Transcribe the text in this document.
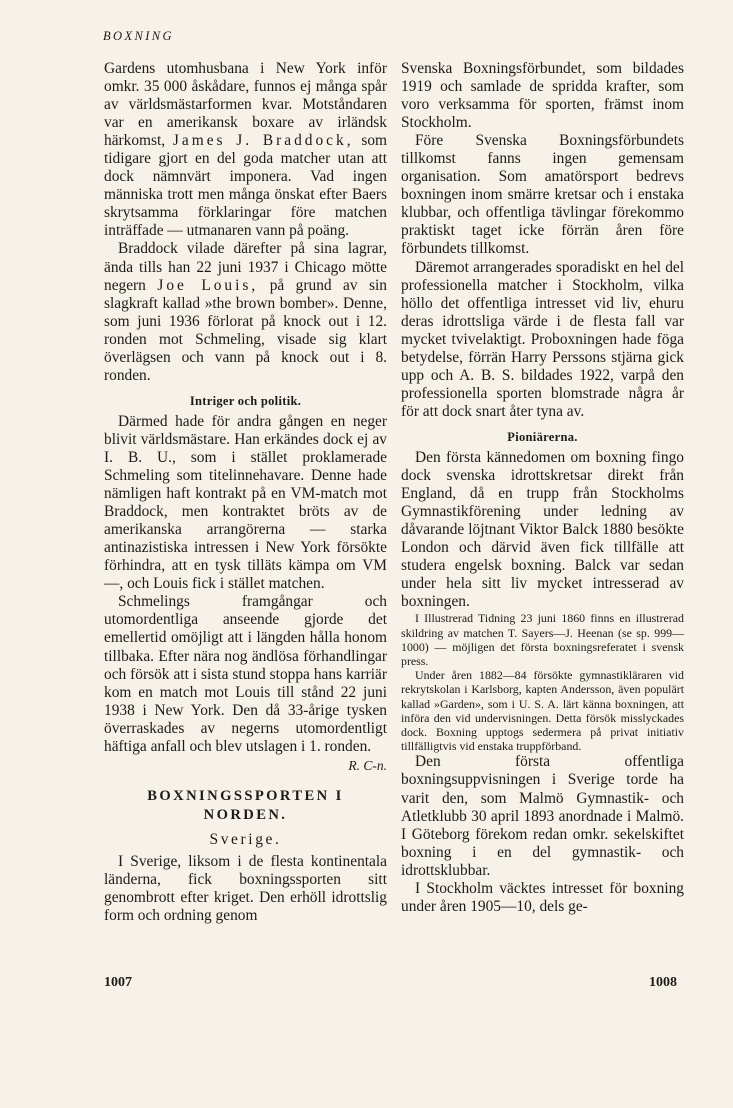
BOXNING

Gardens utomhusbana i New York inför omkr. 35 000 åskådare, funnos ej många spår av världsmästarformen kvar. Motståndaren var en amerikansk boxare av irländsk härkomst, James J. Braddock, som tidigare gjort en del goda matcher utan att dock nämnvärt imponera. Vad ingen människa trott men många önskat efter Baers skrytsamma förklaringar före matchen inträffade — utmanaren vann på poäng.

Braddock vilade därefter på sina lagrar, ända tills han 22 juni 1937 i Chicago mötte negern Joe Louis, på grund av sin slagkraft kallad »the brown bomber». Denne, som juni 1936 förlorat på knock out i 12. ronden mot Schmeling, visade sig klart överlägsen och vann på knock out i 8. ronden.

Intriger och politik.

Därmed hade för andra gången en neger blivit världsmästare. Han erkändes dock ej av I. B. U., som i stället proklamerade Schmeling som titelinnehavare. Denne hade nämligen haft kontrakt på en VM-match mot Braddock, men kontraktet bröts av de amerikanska arrangörerna — starka antinazistiska intressen i New York försökte förhindra, att en tysk tilläts kämpa om VM —, och Louis fick i stället matchen.

Schmelings framgångar och utomordentliga anseende gjorde det emellertid omöjligt att i längden hålla honom tillbaka. Efter nära nog ändlösa förhandlingar och försök att i sista stund stoppa hans karriär kom en match mot Louis till stånd 22 juni 1938 i New York. Den då 33-årige tysken överraskades av negerns utomordentligt häftiga anfall och blev utslagen i 1. ronden.

R. C-n.
BOXNINGSSPORTEN I NORDEN.
Sverige.

I Sverige, liksom i de flesta kontinentala länderna, fick boxningssporten sitt genombrott efter kriget. Den erhöll idrottslig form och ordning genom

Svenska Boxningsförbundet, som bildades 1919 och samlade de spridda krafter, som voro verksamma för sporten, främst inom Stockholm.

Före Svenska Boxningsförbundets tillkomst fanns ingen gemensam organisation. Som amatörsport bedrevs boxningen inom smärre kretsar och i enstaka klubbar, och offentliga tävlingar förekommo praktiskt taget icke förrän åren före förbundets tillkomst.

Däremot arrangerades sporadiskt en hel del professionella matcher i Stockholm, vilka höllo det offentliga intresset vid liv, ehuru deras idrottsliga värde i de flesta fall var mycket tvivelaktigt. Proboxningen hade föga betydelse, förrän Harry Perssons stjärna gick upp och A. B. S. bildades 1922, varpå den professionella sporten blomstrade några år för att dock snart åter tyna av.

Pioniärerna.

Den första kännedomen om boxning fingo dock svenska idrottskretsar direkt från England, då en trupp från Stockholms Gymnastikförening under ledning av dåvarande löjtnant Viktor Balck 1880 besökte London och därvid även fick tillfälle att studera engelsk boxning. Balck var sedan under hela sitt liv mycket intresserad av boxningen.

I Illustrerad Tidning 23 juni 1860 finns en illustrerad skildring av matchen T. Sayers—J. Heenan (se sp. 999—1000) — möjligen det första boxningsreferatet i svensk press.

Under åren 1882—84 försökte gymnastikläraren vid rekrytskolan i Karlsborg, kapten Andersson, även populärt kallad »Garden», som i U. S. A. lärt känna boxningen, att införa den vid undervisningen. Detta försök misslyckades dock. Boxning upptogs sedermera på privat initiativ tillfälligtvis vid enstaka truppförband.

Den första offentliga boxningsuppvisningen i Sverige torde ha varit den, som Malmö Gymnastik- och Atletklubb 30 april 1893 anordnade i Malmö. I Göteborg förekom redan omkr. sekelskiftet boxning i en del gymnastik- och idrottsklubbar.

I Stockholm väcktes intresset för boxning under åren 1905—10, dels ge-

1007	1008
